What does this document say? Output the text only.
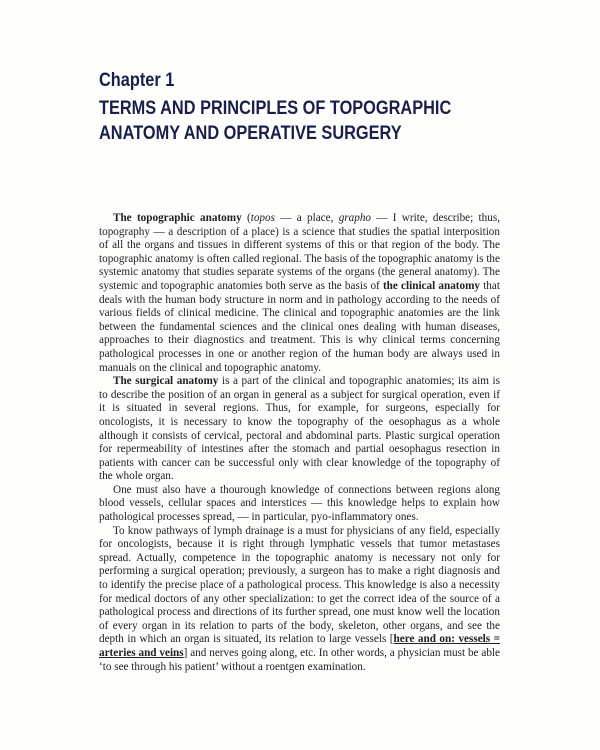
Chapter 1
TERMS AND PRINCIPLES OF TOPOGRAPHIC
ANATOMY AND OPERATIVE SURGERY

The topographic anatomy (topos — a place, grapho — I write, describe; thus, topography — a description of a place) is a science that studies the spatial interposition of all the organs and tissues in different systems of this or that region of the body. The topographic anatomy is often called regional. The basis of the topographic anatomy is the systemic anatomy that studies separate systems of the organs (the general anatomy). The systemic and topographic anatomies both serve as the basis of the clinical anatomy that deals with the human body structure in norm and in pathology according to the needs of various fields of clinical medicine. The clinical and topographic anatomies are the link between the fundamental sciences and the clinical ones dealing with human diseases, approaches to their diagnostics and treatment. This is why clinical terms concerning pathological processes in one or another region of the human body are always used in manuals on the clinical and topographic anatomy.

The surgical anatomy is a part of the clinical and topographic anatomies; its aim is to describe the position of an organ in general as a subject for surgical operation, even if it is situated in several regions. Thus, for example, for surgeons, especially for oncologists, it is necessary to know the topography of the oesophagus as a whole although it consists of cervical, pectoral and abdominal parts. Plastic surgical operation for repermeability of intestines after the stomach and partial oesophagus resection in patients with cancer can be successful only with clear knowledge of the topography of the whole organ.

One must also have a thourough knowledge of connections between regions along blood vessels, cellular spaces and interstices — this knowledge helps to explain how pathological processes spread, — in particular, pyo-inflammatory ones.

To know pathways of lymph drainage is a must for physicians of any field, especially for oncologists, because it is right through lymphatic vessels that tumor metastases spread. Actually, competence in the topographic anatomy is necessary not only for performing a surgical operation; previously, a surgeon has to make a right diagnosis and to identify the precise place of a pathological process. This knowledge is also a necessity for medical doctors of any other specialization: to get the correct idea of the source of a pathological process and directions of its further spread, one must know well the location of every organ in its relation to parts of the body, skeleton, other organs, and see the depth in which an organ is situated, its relation to large vessels [here and on: vessels = arteries and veins] and nerves going along, etc. In other words, a physician must be able ‘to see through his patient’ without a roentgen examination.
